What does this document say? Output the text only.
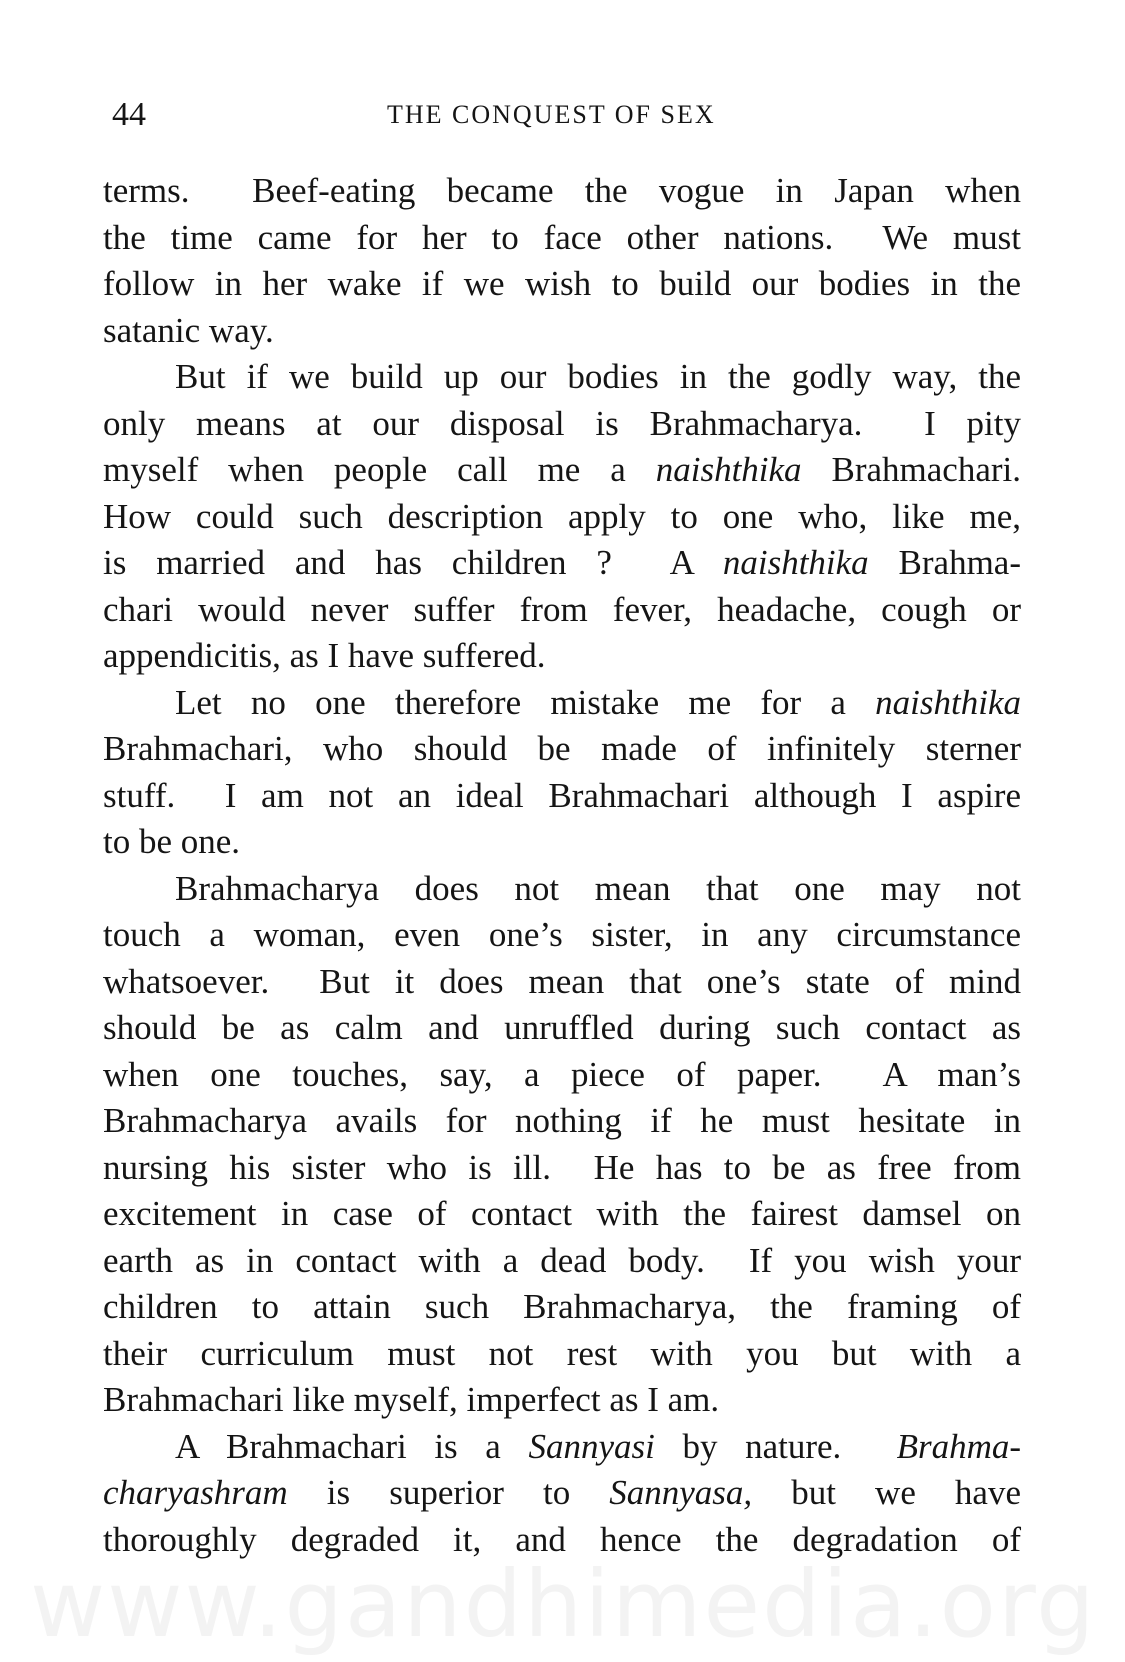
44	THE CONQUEST OF SEX
terms.  Beef-eating became the vogue in Japan when
the time came for her to face other nations.  We must
follow in her wake if we wish to build our bodies in the
satanic way.
But if we build up our bodies in the godly way, the
only means at our disposal is Brahmacharya.  I pity
myself when people call me a naishthika Brahmachari.
How could such description apply to one who, like me,
is married and has children ?  A naishthika Brahma-
chari would never suffer from fever, headache, cough or
appendicitis, as I have suffered.
Let no one therefore mistake me for a naishthika
Brahmachari, who should be made of infinitely sterner
stuff.  I am not an ideal Brahmachari although I aspire
to be one.
Brahmacharya does not mean that one may not
touch a woman, even one’s sister, in any circumstance
whatsoever.  But it does mean that one’s state of mind
should be as calm and unruffled during such contact as
when one touches, say, a piece of paper.  A man’s
Brahmacharya avails for nothing if he must hesitate in
nursing his sister who is ill.  He has to be as free from
excitement in case of contact with the fairest damsel on
earth as in contact with a dead body.  If you wish your
children to attain such Brahmacharya, the framing of
their curriculum must not rest with you but with a
Brahmachari like myself, imperfect as I am.
A Brahmachari is a Sannyasi by nature.  Brahma-
charyashram is superior to Sannyasa, but we have
thoroughly degraded it, and hence the degradation of
www.gandhimedia.org
